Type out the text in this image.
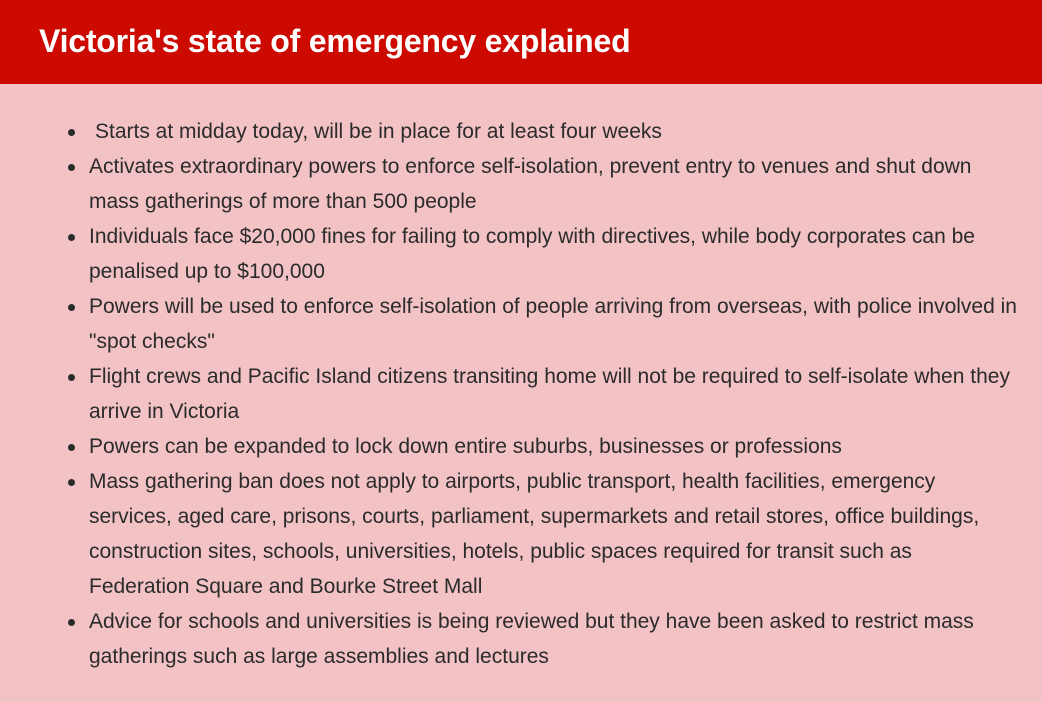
Victoria's state of emergency explained
Starts at midday today, will be in place for at least four weeks
Activates extraordinary powers to enforce self-isolation, prevent entry to venues and shut down mass gatherings of more than 500 people
Individuals face $20,000 fines for failing to comply with directives, while body corporates can be penalised up to $100,000
Powers will be used to enforce self-isolation of people arriving from overseas, with police involved in "spot checks"
Flight crews and Pacific Island citizens transiting home will not be required to self-isolate when they arrive in Victoria
Powers can be expanded to lock down entire suburbs, businesses or professions
Mass gathering ban does not apply to airports, public transport, health facilities, emergency services, aged care, prisons, courts, parliament, supermarkets and retail stores, office buildings, construction sites, schools, universities, hotels, public spaces required for transit such as Federation Square and Bourke Street Mall
Advice for schools and universities is being reviewed but they have been asked to restrict mass gatherings such as large assemblies and lectures
